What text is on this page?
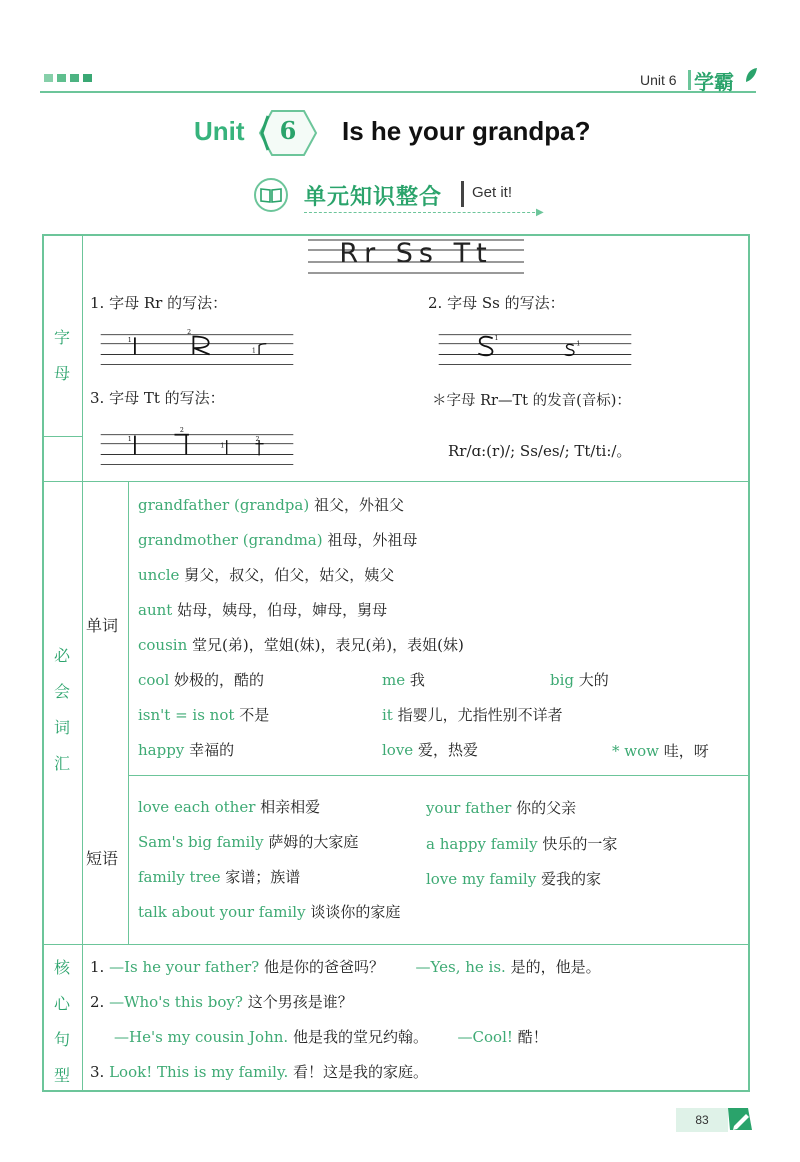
Unit 6 学霸
Unit	6	Is he your grandpa?
单元知识整合 Get it!
▶
字
母
Rr Ss Tt
1. 字母 Rr 的写法：	2. 字母 Ss 的写法：
3. 字母 Tt 的写法：	＊字母 Rr—Tt 的发音(音标)：
Rr/ɑ:(r)/; Ss/es/; Tt/ti:/。
1
2
1
1
1
1
2
1
2
必
会
词
汇
单词
短语
grandfather (grandpa) 祖父，外祖父
grandmother (grandma) 祖母，外祖母
uncle 舅父，叔父，伯父，姑父，姨父
aunt 姑母，姨母，伯母，婶母，舅母
cousin 堂兄(弟)，堂姐(妹)，表兄(弟)，表姐(妹)
cool 妙极的，酷的	me 我	big 大的
isn't = is not 不是	it 指婴儿，尤指性别不详者
happy 幸福的	love 爱，热爱	* wow 哇，呀
love each other 相亲相爱	your father 你的父亲
Sam's big family 萨姆的大家庭	a happy family 快乐的一家
family tree 家谱；族谱	love my family 爱我的家
talk about your family 谈谈你的家庭
核
心
句
型
1. —Is he your father? 他是你的爸爸吗？ —Yes, he is. 是的，他是。
2. —Who's this boy? 这个男孩是谁？
—He's my cousin John. 他是我的堂兄约翰。 —Cool! 酷！
3. Look! This is my family. 看！这是我的家庭。
83
